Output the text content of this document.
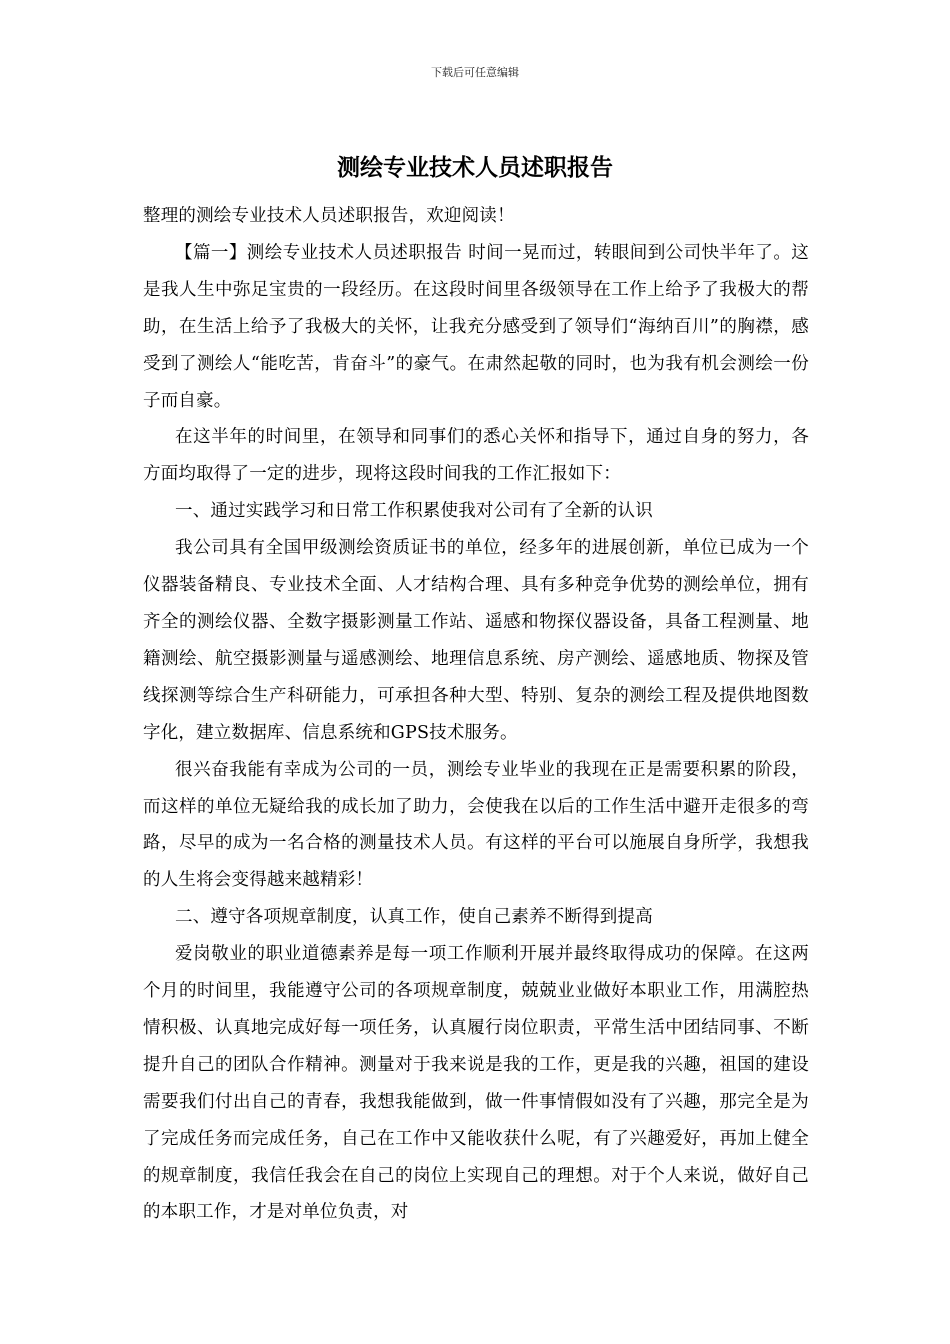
下载后可任意编辑
测绘专业技术人员述职报告

整理的测绘专业技术人员述职报告，欢迎阅读！

【篇一】测绘专业技术人员述职报告 时间一晃而过，转眼间到公司快半年了。这是我人生中弥足宝贵的一段经历。在这段时间里各级领导在工作上给予了我极大的帮助，在生活上给予了我极大的关怀，让我充分感受到了领导们“海纳百川”的胸襟，感受到了测绘人“能吃苦，肯奋斗”的豪气。在肃然起敬的同时，也为我有机会测绘一份子而自豪。

在这半年的时间里，在领导和同事们的悉心关怀和指导下，通过自身的努力，各方面均取得了一定的进步，现将这段时间我的工作汇报如下：

一、通过实践学习和日常工作积累使我对公司有了全新的认识

我公司具有全国甲级测绘资质证书的单位，经多年的进展创新，单位已成为一个仪器装备精良、专业技术全面、人才结构合理、具有多种竞争优势的测绘单位，拥有齐全的测绘仪器、全数字摄影测量工作站、遥感和物探仪器设备，具备工程测量、地籍测绘、航空摄影测量与遥感测绘、地理信息系统、房产测绘、遥感地质、物探及管线探测等综合生产科研能力，可承担各种大型、特别、复杂的测绘工程及提供地图数字化，建立数据库、信息系统和GPS技术服务。

很兴奋我能有幸成为公司的一员，测绘专业毕业的我现在正是需要积累的阶段，而这样的单位无疑给我的成长加了助力，会使我在以后的工作生活中避开走很多的弯路，尽早的成为一名合格的测量技术人员。有这样的平台可以施展自身所学，我想我的人生将会变得越来越精彩！

二、遵守各项规章制度，认真工作，使自己素养不断得到提高

爱岗敬业的职业道德素养是每一项工作顺利开展并最终取得成功的保障。在这两个月的时间里，我能遵守公司的各项规章制度，兢兢业业做好本职业工作，用满腔热情积极、认真地完成好每一项任务，认真履行岗位职责，平常生活中团结同事、不断提升自己的团队合作精神。测量对于我来说是我的工作，更是我的兴趣，祖国的建设需要我们付出自己的青春，我想我能做到，做一件事情假如没有了兴趣，那完全是为了完成任务而完成任务，自己在工作中又能收获什么呢，有了兴趣爱好，再加上健全的规章制度，我信任我会在自己的岗位上实现自己的理想。对于个人来说，做好自己的本职工作，才是对单位负责，对
